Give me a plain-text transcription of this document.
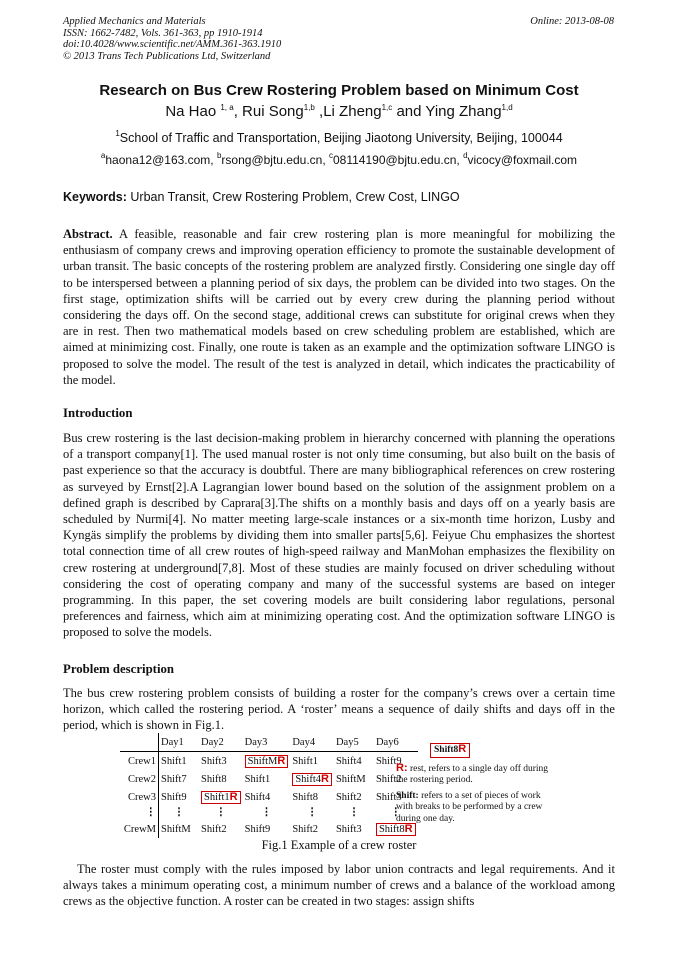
Applied Mechanics and Materials
ISSN: 1662-7482, Vols. 361-363, pp 1910-1914
doi:10.4028/www.scientific.net/AMM.361-363.1910
© 2013 Trans Tech Publications Ltd, Switzerland
Online: 2013-08-08
Research on Bus Crew Rostering Problem based on Minimum Cost
Na Hao $^{1, a}$, Rui Song$^{1,b}$ ,Li Zheng$^{1,c}$ and Ying Zhang$^{1,d}$
$^1$School of Traffic and Transportation, Beijing Jiaotong University, Beijing, 100044
$^a$haona12@163.com, $^b$rsong@bjtu.edu.cn, $^c$08114190@bjtu.edu.cn, $^d$vicocy@foxmail.com
Keywords: Urban Transit, Crew Rostering Problem, Crew Cost, LINGO
Abstract. A feasible, reasonable and fair crew rostering plan is more meaningful for mobilizing the enthusiasm of company crews and improving operation efficiency to promote the sustainable development of urban transit. The basic concepts of the rostering problem are analyzed firstly. Considering one single day off to be interspersed between a planning period of six days, the problem can be divided into two stages. On the first stage, optimization shifts will be carried out by every crew during the planning period without considering the days off. On the second stage, additional crews can substitute for original crews when they are in rest. Then two mathematical models based on crew scheduling problem are established, which are aimed at minimizing cost. Finally, one route is taken as an example and the optimization software LINGO is proposed to solve the model. The result of the test is analyzed in detail, which indicates the practicability of the model.
Introduction
Bus crew rostering is the last decision-making problem in hierarchy concerned with planning the operations of a transport company[1]. The used manual roster is not only time consuming, but also built on the basis of past experience so that the accuracy is doubtful. There are many bibliographical references on crew rostering as surveyed by Ernst[2].A Lagrangian lower bound based on the solution of the assignment problem on a defined graph is described by Caprara[3].The shifts on a monthly basis and days off on a yearly basis are scheduled by Nurmi[4]. No matter meeting large-scale instances or a six-month time horizon, Lusby and Kyngäs simplify the problems by dividing them into smaller parts[5,6]. Feiyue Chu emphasizes the shortest total connection time of all crew routes of high-speed railway and ManMohan emphasizes the flexibility on crew rostering at underground[7,8]. Most of these studies are mainly focused on driver scheduling without considering the cost of operating company and many of the successful systems are based on integer programming. In this paper, the set covering models are built considering labor regulations, personal preferences and fairness, which aim at minimizing operating cost. And the optimization software LINGO is proposed to solve the models.
Problem description
The bus crew rostering problem consists of building a roster for the company’s crews over a certain time horizon, which called the rostering period. A ‘roster’ means a sequence of daily shifts and days off in the period, which is shown in Fig.1.
	Day1	Day2	Day3	Day4	Day5	Day6
Crew1	Shift1	Shift3	ShiftMR	Shift1	Shift4	Shift9
Crew2	Shift7	Shift8	Shift1	Shift4R	ShiftM	Shift2
Crew3	Shift9	Shift1R	Shift4	Shift8	Shift2	Shift3
⋮	⋮	⋮	⋮	⋮	⋮	⋮
CrewM	ShiftM	Shift2	Shift9	Shift2	Shift3	Shift8R
Shift8R

R: rest, refers to a single day off during the rostering period.

Shift: refers to a set of pieces of work with breaks to be performed by a crew during one day.

Fig.1 Example of a crew roster
The roster must comply with the rules imposed by labor union contracts and legal requirements. And it always takes a minimum operating cost, a minimum number of crews and a balance of the workload among crews as the objective function. A roster can be created in two stages: assign shifts
